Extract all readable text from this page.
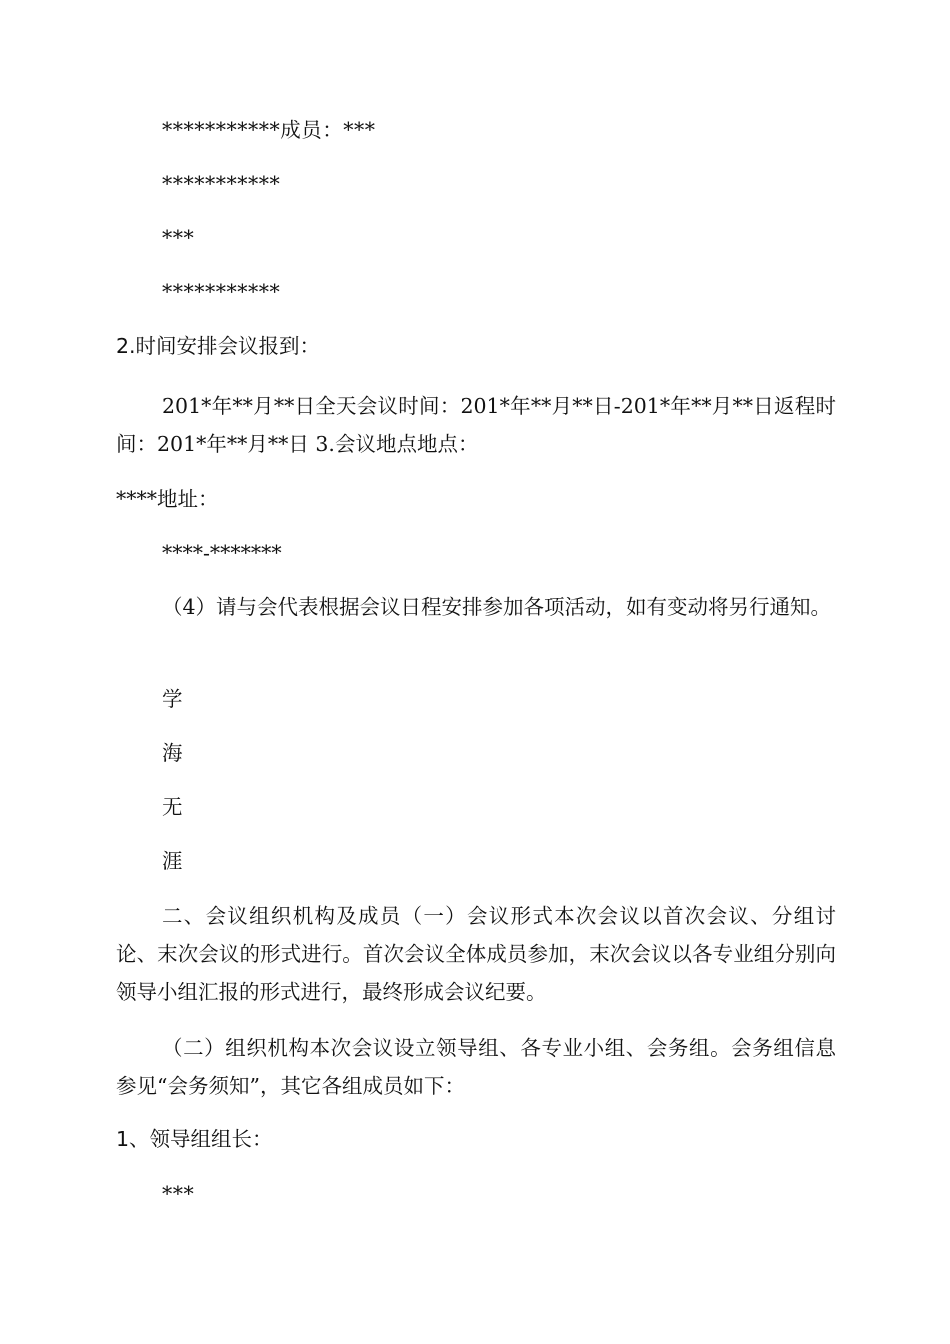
***********成员：***
***********
***
***********
2.时间安排会议报到：
201*年**月**日全天会议时间：201*年**月**日-201*年**月**日返程时间：201*年**月**日 3.会议地点地点：
****地址：
****-*******
（4）请与会代表根据会议日程安排参加各项活动，如有变动将另行通知。
学
海
无
涯
二、会议组织机构及成员（一）会议形式本次会议以首次会议、分组讨论、末次会议的形式进行。首次会议全体成员参加，末次会议以各专业组分别向领导小组汇报的形式进行，最终形成会议纪要。
（二）组织机构本次会议设立领导组、各专业小组、会务组。会务组信息参见“会务须知”，其它各组成员如下：
1、领导组组长：
***
